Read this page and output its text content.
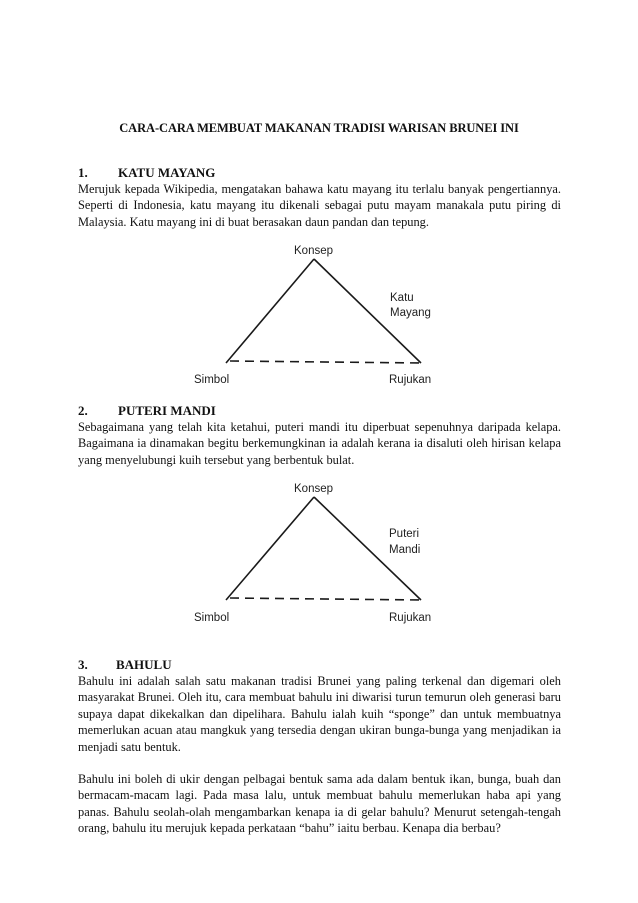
CARA-CARA MEMBUAT MAKANAN TRADISI WARISAN BRUNEI INI
1. KATU MAYANG
Merujuk kepada Wikipedia, mengatakan bahawa katu mayang itu terlalu banyak pengertiannya. Seperti di Indonesia, katu mayang itu dikenali sebagai putu mayam manakala putu piring di Malaysia. Katu mayang ini di buat berasakan daun pandan dan tepung.
Konsep
Katu
Mayang
Simbol	Rujukan
2. PUTERI MANDI
Sebagaimana yang telah kita ketahui, puteri mandi itu diperbuat sepenuhnya daripada kelapa. Bagaimana ia dinamakan begitu berkemungkinan ia adalah kerana ia disaluti oleh hirisan kelapa yang menyelubungi kuih tersebut yang berbentuk bulat.
Konsep
Puteri
Mandi
Simbol	Rujukan
3. BAHULU
Bahulu ini adalah salah satu makanan tradisi Brunei yang paling terkenal dan digemari oleh masyarakat Brunei. Oleh itu, cara membuat bahulu ini diwarisi turun temurun oleh generasi baru supaya dapat dikekalkan dan dipelihara. Bahulu ialah kuih “sponge” dan untuk membuatnya memerlukan acuan atau mangkuk yang tersedia dengan ukiran bunga-bunga yang menjadikan ia menjadi satu bentuk.
Bahulu ini boleh di ukir dengan pelbagai bentuk sama ada dalam bentuk ikan, bunga, buah dan bermacam-macam lagi. Pada masa lalu, untuk membuat bahulu memerlukan haba api yang panas. Bahulu seolah-olah mengambarkan kenapa ia di gelar bahulu? Menurut setengah-tengah orang, bahulu itu merujuk kepada perkataan “bahu” iaitu berbau. Kenapa dia berbau?
